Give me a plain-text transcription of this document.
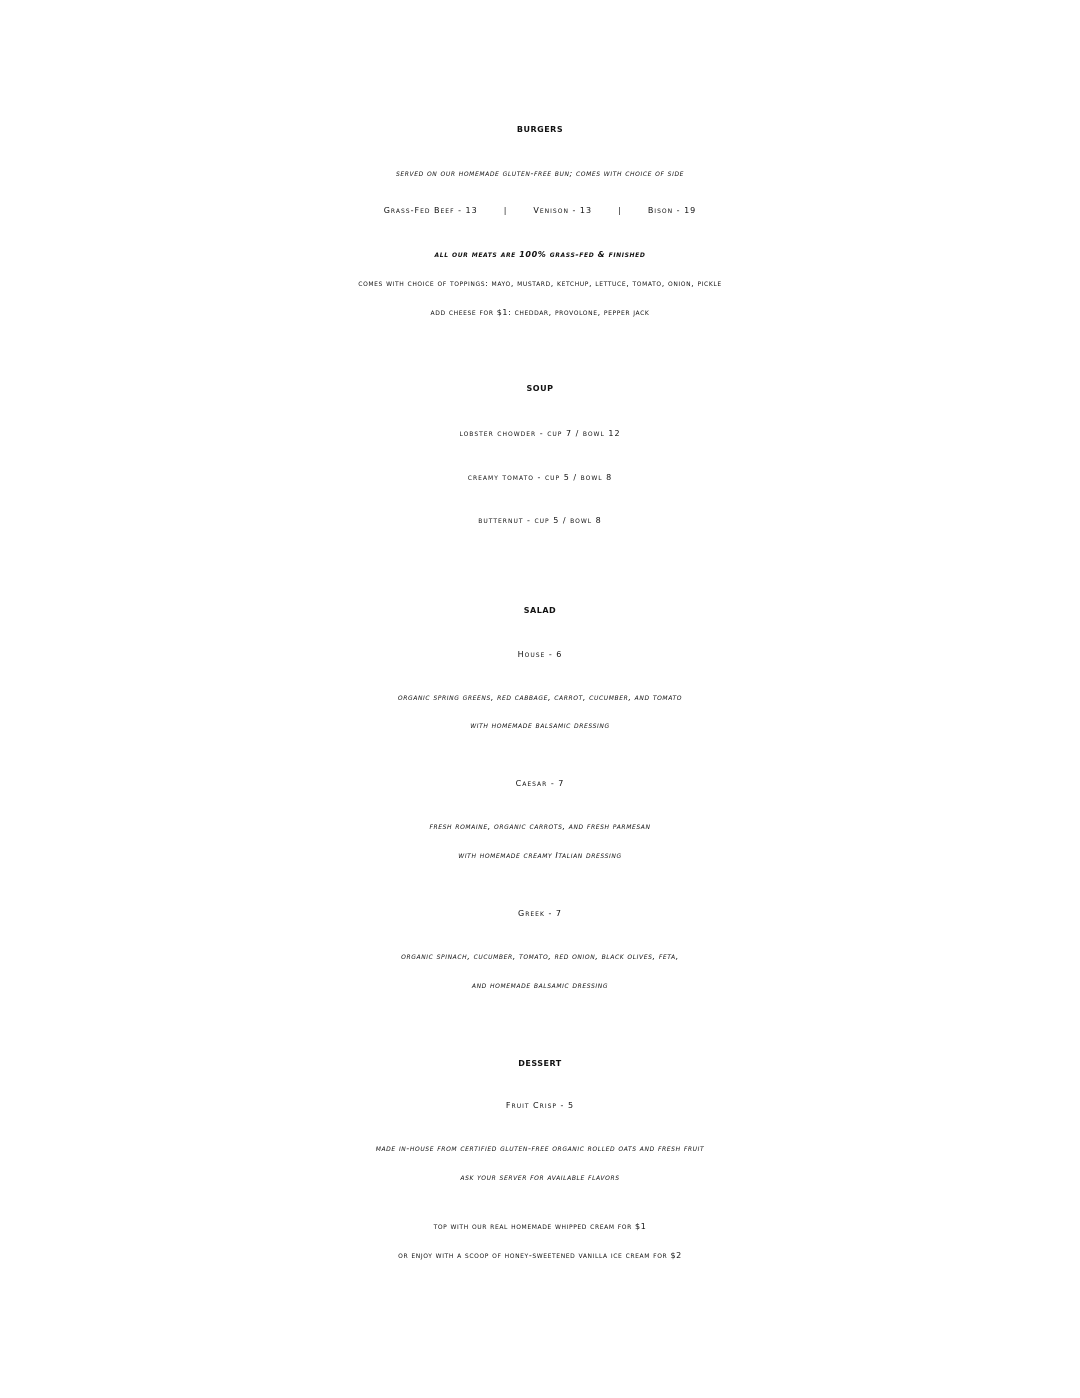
BURGERS
served on our homemade gluten-free bun; comes with choice of side
Grass-Fed Beef - 13	|	Venison - 13	|	Bison - 19
all our meats are 100% grass-fed & finished
comes with choice of toppings: mayo, mustard, ketchup, lettuce, tomato, onion, pickle
add cheese for $1: cheddar, provolone, pepper jack
SOUP
lobster chowder - cup 7 / bowl 12
creamy tomato - cup 5 / bowl 8
butternut - cup 5 / bowl 8
SALAD
House - 6
organic spring greens, red cabbage, carrot, cucumber, and tomato
with homemade balsamic dressing
Caesar - 7
fresh romaine, organic carrots, and fresh parmesan
with homemade creamy Italian dressing
Greek - 7
organic spinach, cucumber, tomato, red onion, black olives, feta,
and homemade balsamic dressing
DESSERT
Fruit Crisp - 5
made in-house from certified gluten-free organic rolled oats and fresh fruit
ask your server for available flavors
top with our real homemade whipped cream for $1
or enjoy with a scoop of honey-sweetened vanilla ice cream for $2
